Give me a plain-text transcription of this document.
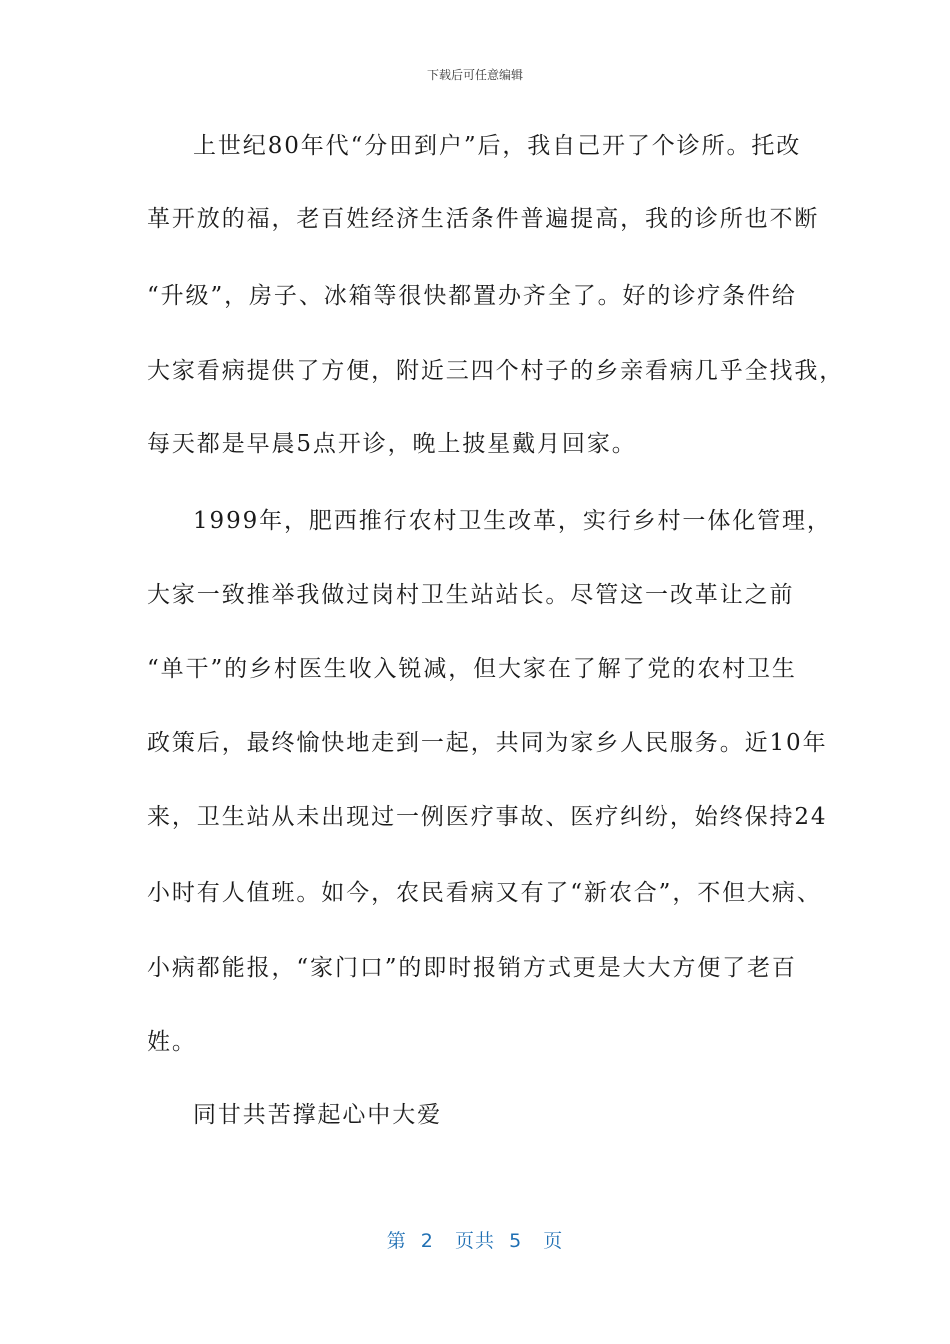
下载后可任意编辑
上世纪80年代“分田到户”后，我自己开了个诊所。托改
革开放的福，老百姓经济生活条件普遍提高，我的诊所也不断
“升级”，房子、冰箱等很快都置办齐全了。好的诊疗条件给
大家看病提供了方便，附近三四个村子的乡亲看病几乎全找我，
每天都是早晨5点开诊，晚上披星戴月回家。
1999年，肥西推行农村卫生改革，实行乡村一体化管理，
大家一致推举我做过岗村卫生站站长。尽管这一改革让之前
“单干”的乡村医生收入锐减，但大家在了解了党的农村卫生
政策后，最终愉快地走到一起，共同为家乡人民服务。近10年
来，卫生站从未出现过一例医疗事故、医疗纠纷，始终保持24
小时有人值班。如今，农民看病又有了“新农合”，不但大病、
小病都能报，“家门口”的即时报销方式更是大大方便了老百
姓。
同甘共苦撑起心中大爱
第  2   页共  5   页
